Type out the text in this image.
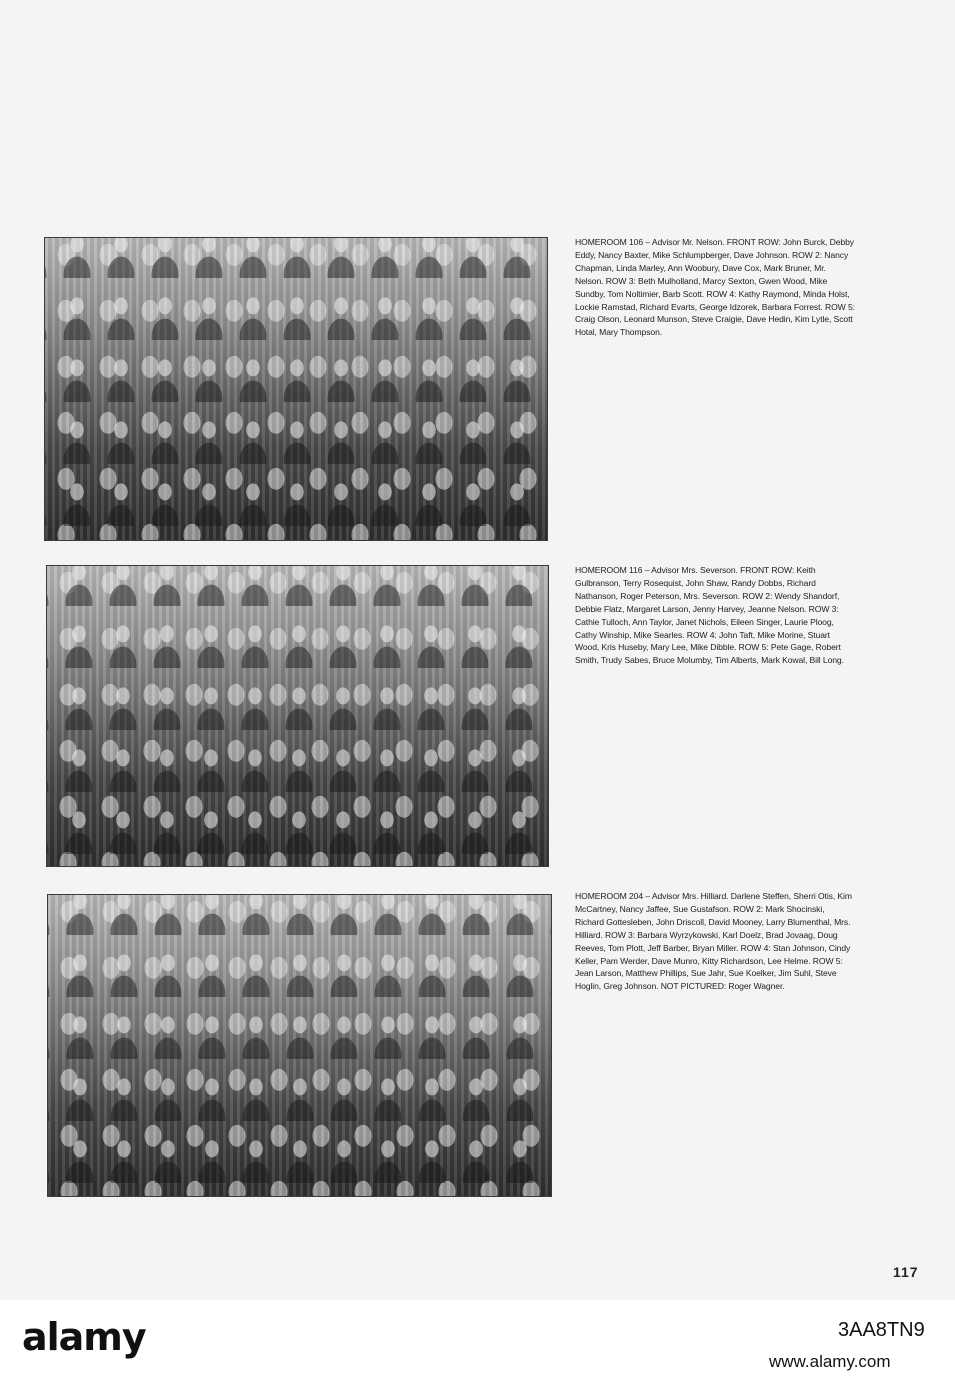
HOMEROOM 106 – Advisor Mr. Nelson. FRONT ROW: John Burck, Debby Eddy, Nancy Baxter, Mike Schlumpberger, Dave Johnson. ROW 2: Nancy Chapman, Linda Marley, Ann Woobury, Dave Cox, Mark Bruner, Mr. Nelson. ROW 3: Beth Mulholland, Marcy Sexton, Gwen Wood, Mike Sundby, Tom Noltimier, Barb Scott. ROW 4: Kathy Raymond, Minda Holst, Lockie Ramstad, Richard Evarts, George Idzorek, Barbara Forrest. ROW 5: Craig Olson, Leonard Munson, Steve Craigie, Dave Hedin, Kim Lytle, Scott Hotal, Mary Thompson.

HOMEROOM 116 – Advisor Mrs. Severson. FRONT ROW: Keith Gulbranson, Terry Rosequist, John Shaw, Randy Dobbs, Richard Nathanson, Roger Peterson, Mrs. Severson. ROW 2: Wendy Shandorf, Debbie Flatz, Margaret Larson, Jenny Harvey, Jeanne Nelson. ROW 3: Cathie Tulloch, Ann Taylor, Janet Nichols, Eileen Singer, Laurie Ploog, Cathy Winship, Mike Searles. ROW 4: John Taft, Mike Morine, Stuart Wood, Kris Huseby, Mary Lee, Mike Dibble. ROW 5: Pete Gage, Robert Smith, Trudy Sabes, Bruce Molumby, Tim Alberts, Mark Kowal, Bill Long.

HOMEROOM 204 – Advisor Mrs. Hilliard. Darlene Steffen, Sherri Otis, Kim McCartney, Nancy Jaffee, Sue Gustafson. ROW 2: Mark Shocinski, Richard Gottesleben, John Driscoll, David Mooney, Larry Blumenthal, Mrs. Hilliard. ROW 3: Barbara Wyrzykowski, Karl Doelz, Brad Jovaag, Doug Reeves, Tom Plott, Jeff Barber, Bryan Miller. ROW 4: Stan Johnson, Cindy Keller, Pam Werder, Dave Munro, Kitty Richardson, Lee Helme. ROW 5: Jean Larson, Matthew Phillips, Sue Jahr, Sue Koelker, Jim Suhl, Steve Hoglin, Greg Johnson. NOT PICTURED: Roger Wagner.

117
alamy	3AA8TN9
www.alamy.com
